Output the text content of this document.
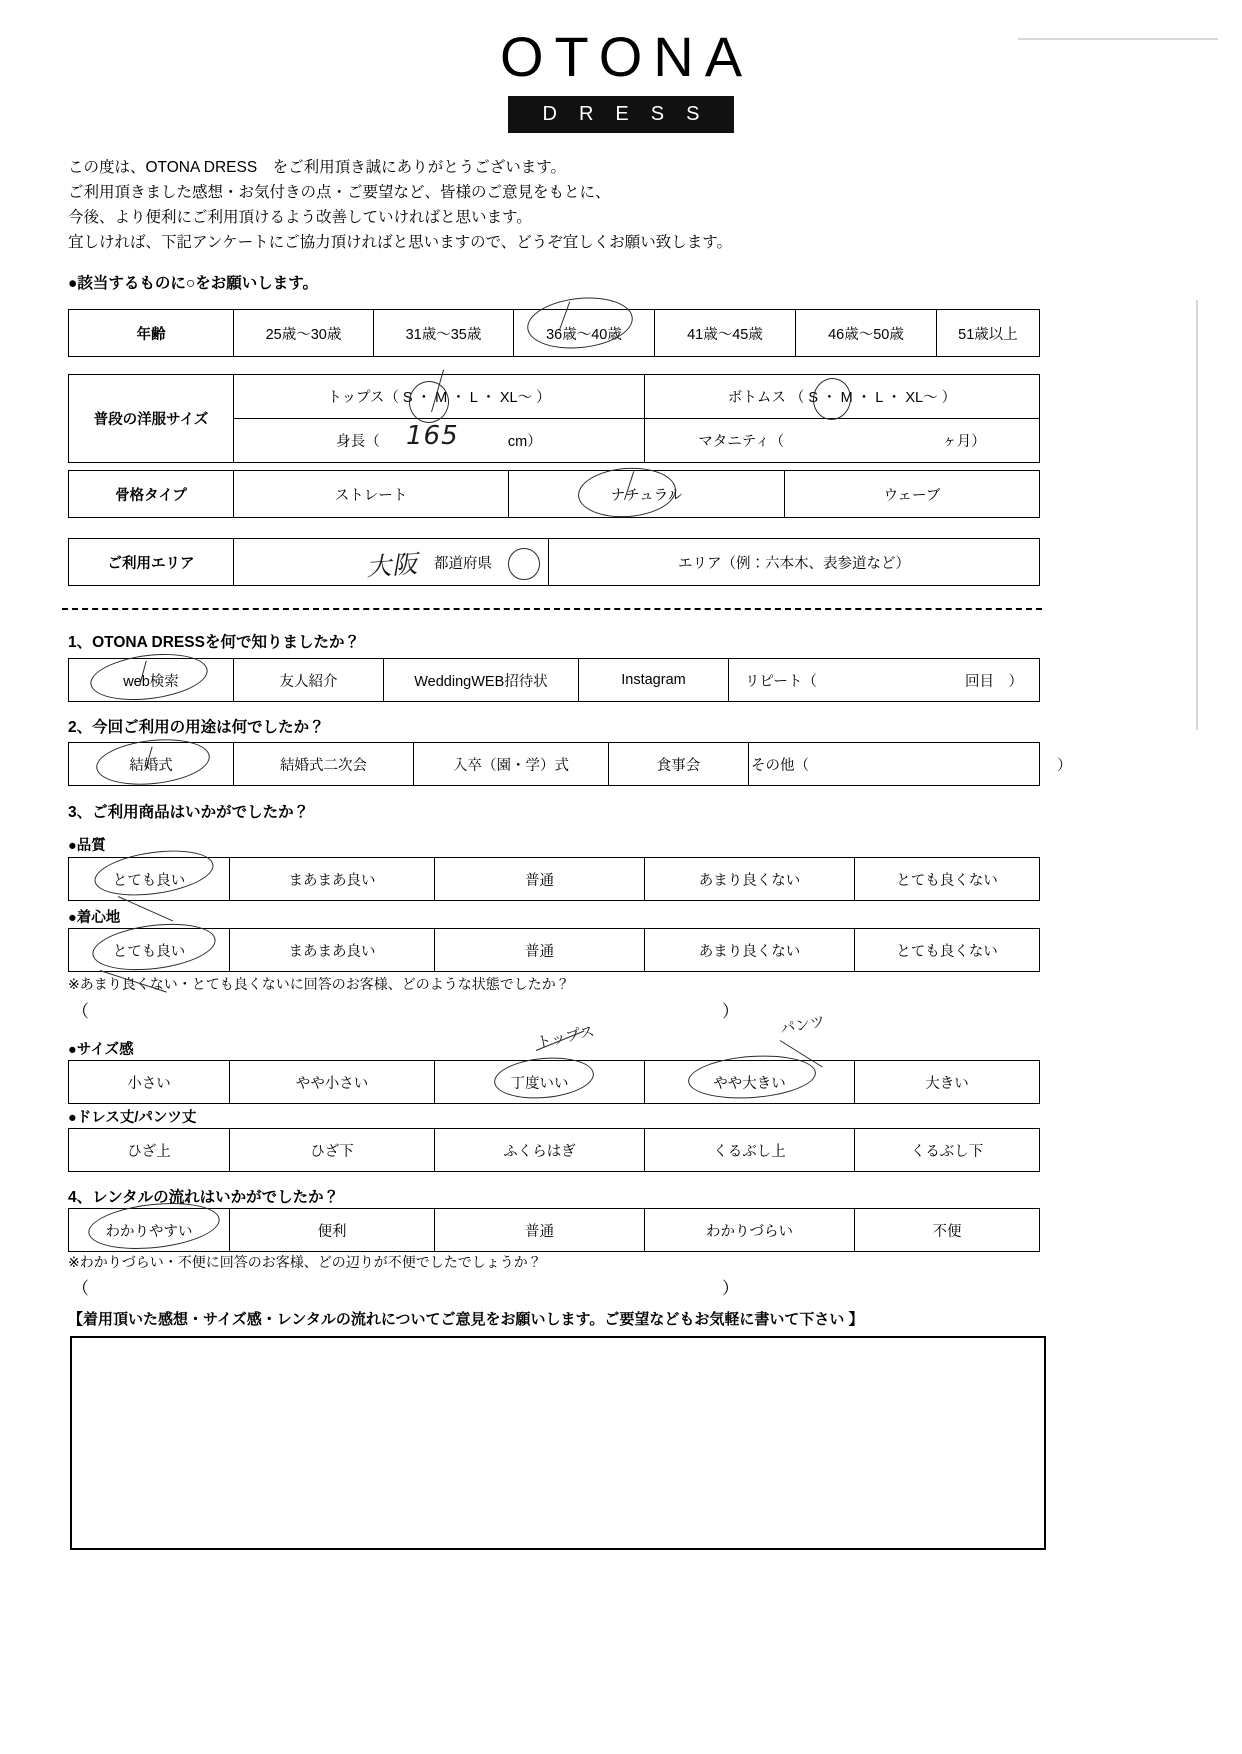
OTONA
DRESS
この度は、OTONA DRESS　をご利用頂き誠にありがとうございます。
ご利用頂きました感想・お気付きの点・ご要望など、皆様のご意見をもとに、
今後、より便利にご利用頂けるよう改善していければと思います。
宜しければ、下記アンケートにご協力頂ければと思いますので、どうぞ宜しくお願い致します。
●該当するものに○をお願いします。
年齢	25歳～30歳	31歳～35歳	36歳～40歳	41歳～45歳	46歳～50歳	51歳以上
普段の洋服サイズ	トップス（ S ・ M ・ L ・ XL～ ）	ボトムス （ S ・ M ・ L ・ XL～ ）
	身長（ cm）	マタニティ（ ヶ月）
165
骨格タイプ	ストレート	ナチュラル	ウェーブ
ご利用エリア	都道府県	エリア（例：六本木、表参道など）
大阪
1、OTONA DRESSを何で知りましたか？
web検索	友人紹介	WeddingWEB招待状	Instagram	リピート（	回目　）
2、今回ご利用の用途は何でしたか？
結婚式	結婚式二次会	入卒（園・学）式	食事会	その他（	）
3、ご利用商品はいかがでしたか？
●品質
とても良い	まあまあ良い	普通	あまり良くない	とても良くない
●着心地
とても良い	まあまあ良い	普通	あまり良くない	とても良くない
※あまり良くない・とても良くないに回答のお客様、どのような状態でしたか？
（	）
●サイズ感
小さい	やや小さい	丁度いい	やや大きい	大きい
トップス	パンツ
●ドレス丈/パンツ丈
ひざ上	ひざ下	ふくらはぎ	くるぶし上	くるぶし下
4、レンタルの流れはいかがでしたか？
わかりやすい	便利	普通	わかりづらい	不便
※わかりづらい・不便に回答のお客様、どの辺りが不便でしたでしょうか？
（	）
【着用頂いた感想・サイズ感・レンタルの流れについてご意見をお願いします。ご要望などもお気軽に書いて下さい 】
